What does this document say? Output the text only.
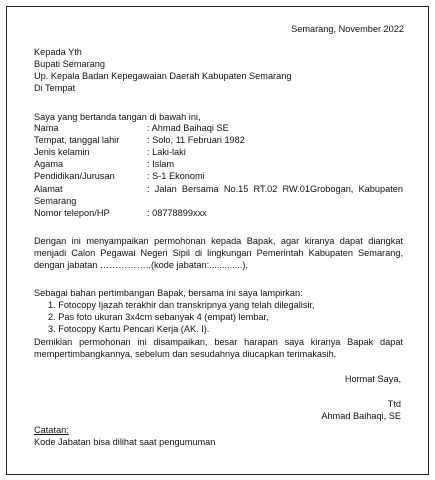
Semarang, November 2022
Kepada Yth
Bupati Semarang
Up. Kepala Badan Kepegawaian Daerah Kabupaten Semarang
Di Tempat
Saya yang bertanda tangan di bawah ini,
Nama	: Ahmad Baihaqi SE
Tempat, tanggal lahir	: Solo, 11 Februari 1982
Jenis kelamin	: Laki-laki
Agama	: Islam
Pendidikan/Jurusan	: S-1 Ekonomi
Alamat	: Jalan Bersama No.15 RT.02 RW.01Grobogan, Kabupaten
Semarang
Nomor telepon/HP	: 08778899xxx
Dengan ini menyampaikan permohonan kepada Bapak, agar kiranya dapat diangkat
menjadi Calon Pegawai Negeri Sipil di lingkungan Pemerintah Kabupaten Semarang,
dengan jabatan ……………..(kode jabatan:.............),
Sebagai bahan pertimbangan Bapak, bersama ini saya lampirkan:
1. Fotocopy Ijazah terakhir dan transkripnya yang telah dilegalisir,
2. Pas foto ukuran 3x4cm sebanyak 4 (empat) lembar,
3. Fotocopy Kartu Pencari Kerja (AK. I).
Demikian permohonan ini disampaikan, besar harapan saya kiranya Bapak dapat
mempertimbangkannya, sebelum dan sesudahnya diucapkan terimakasih.
Hormat Saya,
Ttd
Ahmad Baihaqi, SE
Catatan:
Kode Jabatan bisa dilihat saat pengumuman
